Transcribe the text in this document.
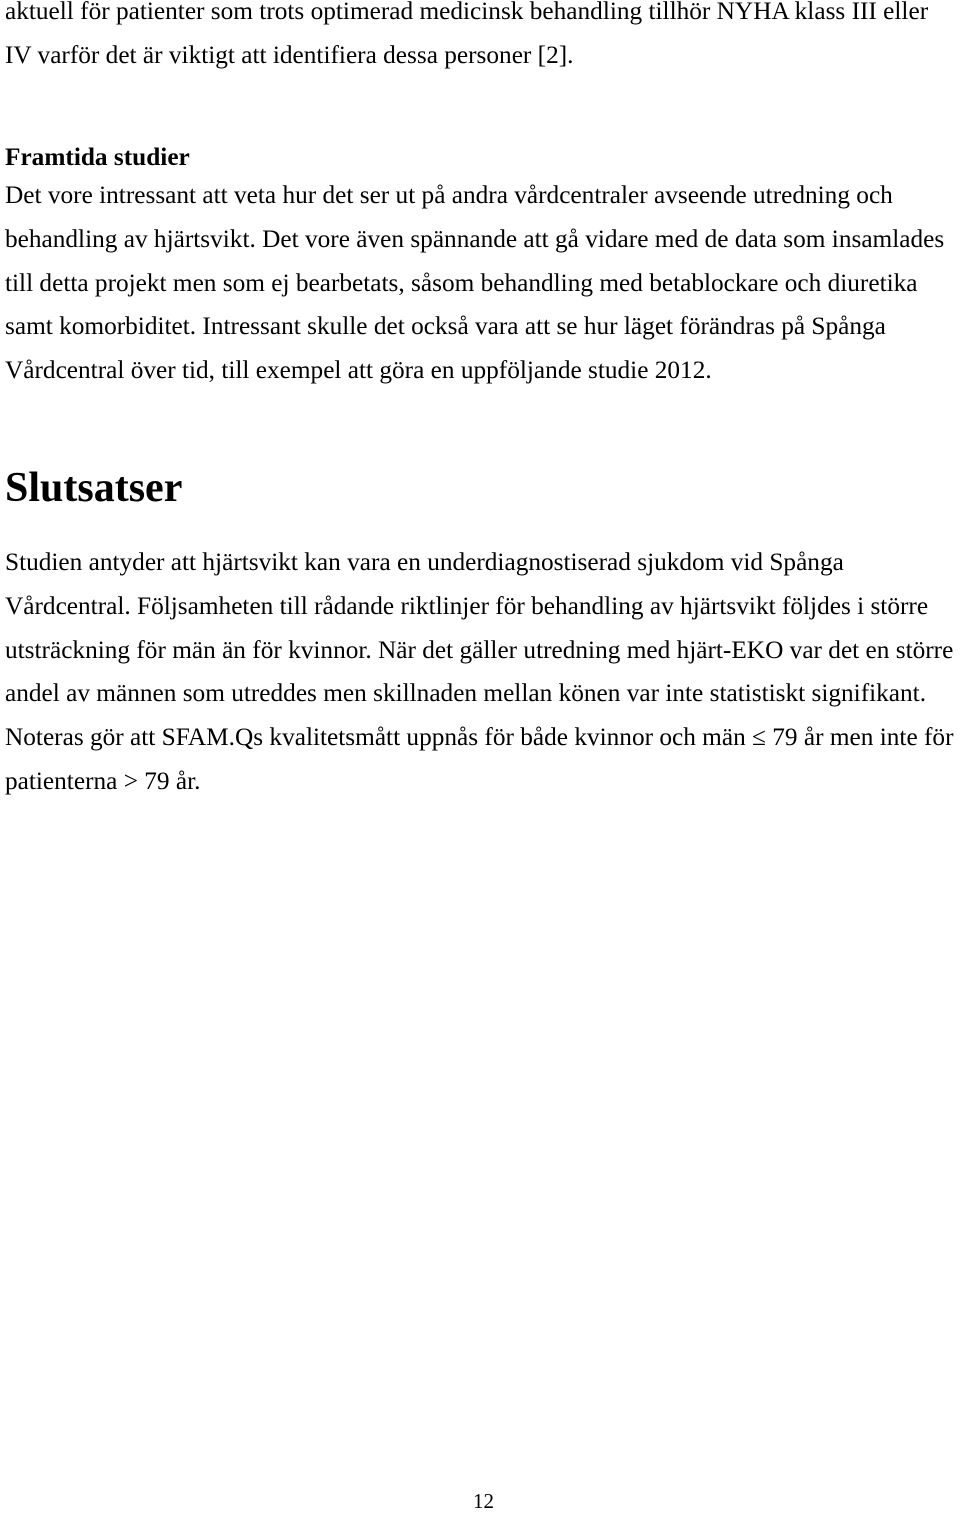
aktuell för patienter som trots optimerad medicinsk behandling tillhör NYHA klass III eller
IV varför det är viktigt att identifiera dessa personer [2].
Framtida studier
Det vore intressant att veta hur det ser ut på andra vårdcentraler avseende utredning och
behandling av hjärtsvikt. Det vore även spännande att gå vidare med de data som insamlades
till detta projekt men som ej bearbetats, såsom behandling med betablockare och diuretika
samt komorbiditet. Intressant skulle det också vara att se hur läget förändras på Spånga
Vårdcentral över tid, till exempel att göra en uppföljande studie 2012.
Slutsatser
Studien antyder att hjärtsvikt kan vara en underdiagnostiserad sjukdom vid Spånga
Vårdcentral. Följsamheten till rådande riktlinjer för behandling av hjärtsvikt följdes i större
utsträckning för män än för kvinnor. När det gäller utredning med hjärt-EKO var det en större
andel av männen som utreddes men skillnaden mellan könen var inte statistiskt signifikant.
Noteras gör att SFAM.Qs kvalitetsmått uppnås för både kvinnor och män ≤ 79 år men inte för
patienterna > 79 år.
12
